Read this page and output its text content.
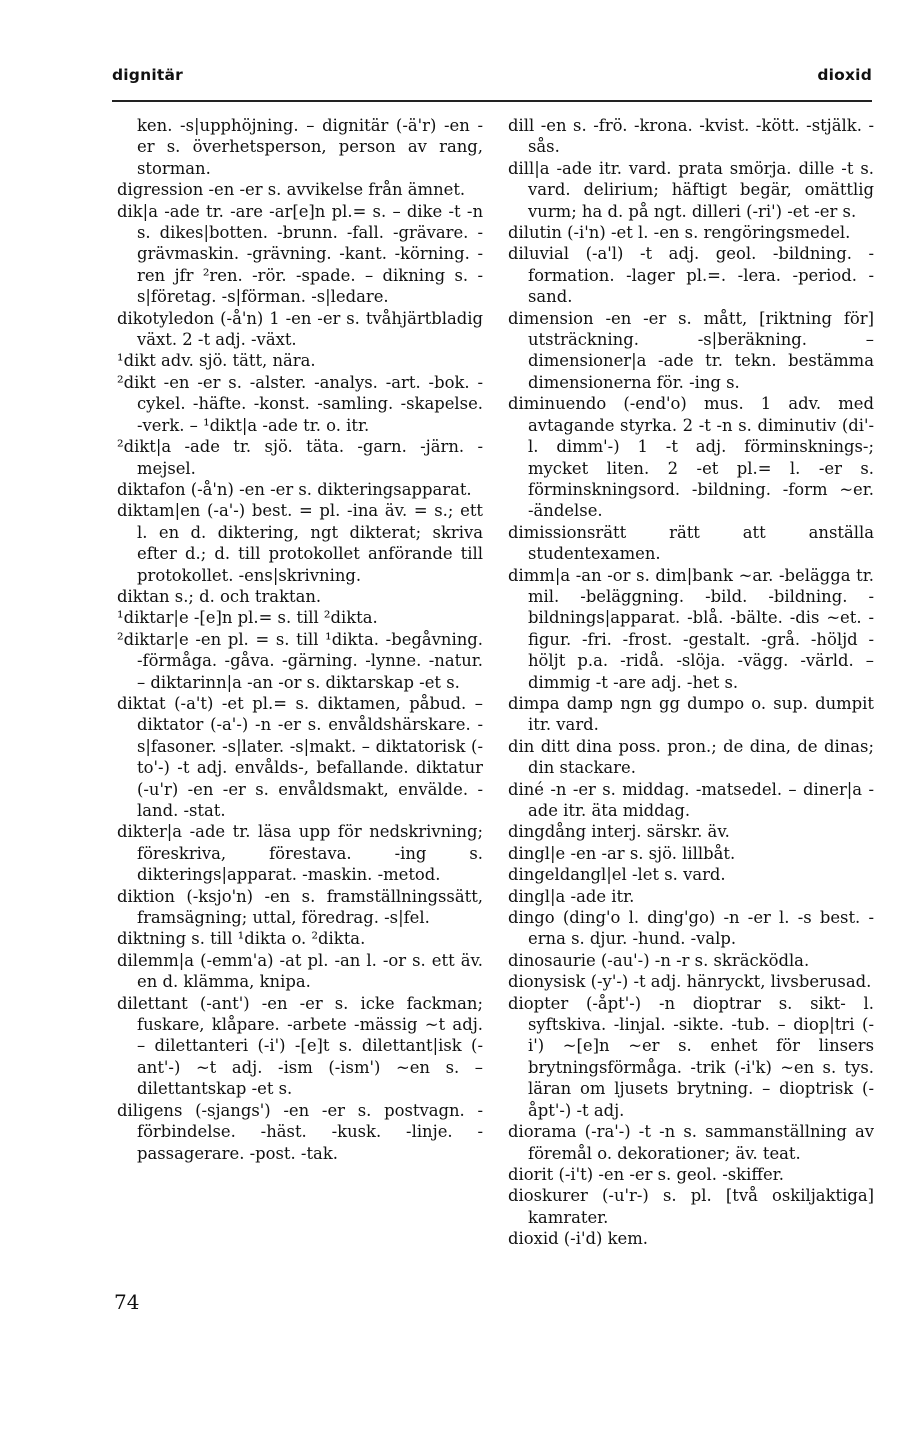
dignitär	dioxid

ken. -s|upphöjning. – dignitär (-ä'r) -en -er s. överhetsperson, person av rang, storman.

digression -en -er s. avvikelse från ämnet.

dik|a -ade tr. -are -ar[e]n pl.= s. – dike -t -n s. dikes|botten. -brunn. -fall. -grävare. -grävmaskin. -grävning. -kant. -körning. -ren jfr ²ren. -rör. -spade. – dikning s. -s|företag. -s|förman. -s|ledare.

dikotyledon (-å'n) 1 -en -er s. tvåhjärtbladig växt. 2 -t adj. -växt.

¹dikt adv. sjö. tätt, nära.

²dikt -en -er s. -alster. -analys. -art. -bok. -cykel. -häfte. -konst. -samling. -skapelse. -verk. – ¹dikt|a -ade tr. o. itr.

²dikt|a -ade tr. sjö. täta. -garn. -järn. -mejsel.

diktafon (-å'n) -en -er s. dikteringsapparat.

diktam|en (-a'-) best. = pl. -ina äv. = s.; ett l. en d. diktering, ngt dikterat; skriva efter d.; d. till protokollet anförande till protokollet. -ens|skrivning.

diktan s.; d. och traktan.

¹diktar|e -[e]n pl.= s. till ²dikta.

²diktar|e -en pl. = s. till ¹dikta. -begåvning. -förmåga. -gåva. -gärning. -lynne. -natur. – diktarinn|a -an -or s. diktarskap -et s.

diktat (-a't) -et pl.= s. diktamen, påbud. – diktator (-a'-) -n -er s. envåldshärskare. -s|fasoner. -s|later. -s|makt. – diktatorisk (-to'-) -t adj. envålds-, befallande. diktatur (-u'r) -en -er s. envåldsmakt, envälde. -land. -stat.

dikter|a -ade tr. läsa upp för nedskrivning; föreskriva, förestava. -ing s. dikterings|apparat. -maskin. -metod.

diktion (-ksjo'n) -en s. framställningssätt, framsägning; uttal, föredrag. -s|fel.

diktning s. till ¹dikta o. ²dikta.

dilemm|a (-emm'a) -at pl. -an l. -or s. ett äv. en d. klämma, knipa.

dilettant (-ant') -en -er s. icke fackman; fuskare, klåpare. -arbete -mässig ~t adj. – dilettanteri (-i') -[e]t s. dilettant|isk (-ant'-) ~t adj. -ism (-ism') ~en s. – dilettantskap -et s.

diligens (-sjangs') -en -er s. postvagn. -förbindelse. -häst. -kusk. -linje. -passagerare. -post. -tak.

dill -en s. -frö. -krona. -kvist. -kött. -stjälk. -sås.

dill|a -ade itr. vard. prata smörja. dille -t s. vard. delirium; häftigt begär, omättlig vurm; ha d. på ngt. dilleri (-ri') -et -er s.

dilutin (-i'n) -et l. -en s. rengöringsmedel.

diluvial (-a'l) -t adj. geol. -bildning. -formation. -lager pl.=. -lera. -period. -sand.

dimension -en -er s. mått, [riktning för] utsträckning. -s|beräkning. – dimensioner|a -ade tr. tekn. bestämma dimensionerna för. -ing s.

diminuendo (-end'o) mus. 1 adv. med avtagande styrka. 2 -t -n s. diminutiv (di'- l. dimm'-) 1 -t adj. förminsknings-; mycket liten. 2 -et pl.= l. -er s. förminskningsord. -bildning. -form ~er. -ändelse.

dimissionsrätt rätt att anställa studentexamen.

dimm|a -an -or s. dim|bank ~ar. -belägga tr. mil. -beläggning. -bild. -bildning. -bildnings|apparat. -blå. -bälte. -dis ~et. -figur. -fri. -frost. -gestalt. -grå. -höljd -höljt p.a. -ridå. -slöja. -vägg. -värld. – dimmig -t -are adj. -het s.

dimpa damp ngn gg dumpo o. sup. dumpit itr. vard.

din ditt dina poss. pron.; de dina, de dinas; din stackare.

diné -n -er s. middag. -matsedel. – diner|a -ade itr. äta middag.

dingdång interj. särskr. äv.

dingl|e -en -ar s. sjö. lillbåt.

dingeldangl|el -let s. vard.

dingl|a -ade itr.

dingo (ding'o l. ding'go) -n -er l. -s best. -erna s. djur. -hund. -valp.

dinosaurie (-au'-) -n -r s. skräcködla.

dionysisk (-y'-) -t adj. hänryckt, livsberusad.

diopter (-åpt'-) -n dioptrar s. sikt- l. syftskiva. -linjal. -sikte. -tub. – diop|tri (-i') ~[e]n ~er s. enhet för linsers brytningsförmåga. -trik (-i'k) ~en s. tys. läran om ljusets brytning. – dioptrisk (-åpt'-) -t adj.

diorama (-ra'-) -t -n s. sammanställning av föremål o. dekorationer; äv. teat.

diorit (-i't) -en -er s. geol. -skiffer.

dioskurer (-u'r-) s. pl. [två oskiljaktiga] kamrater.

dioxid (-i'd) kem.

74
